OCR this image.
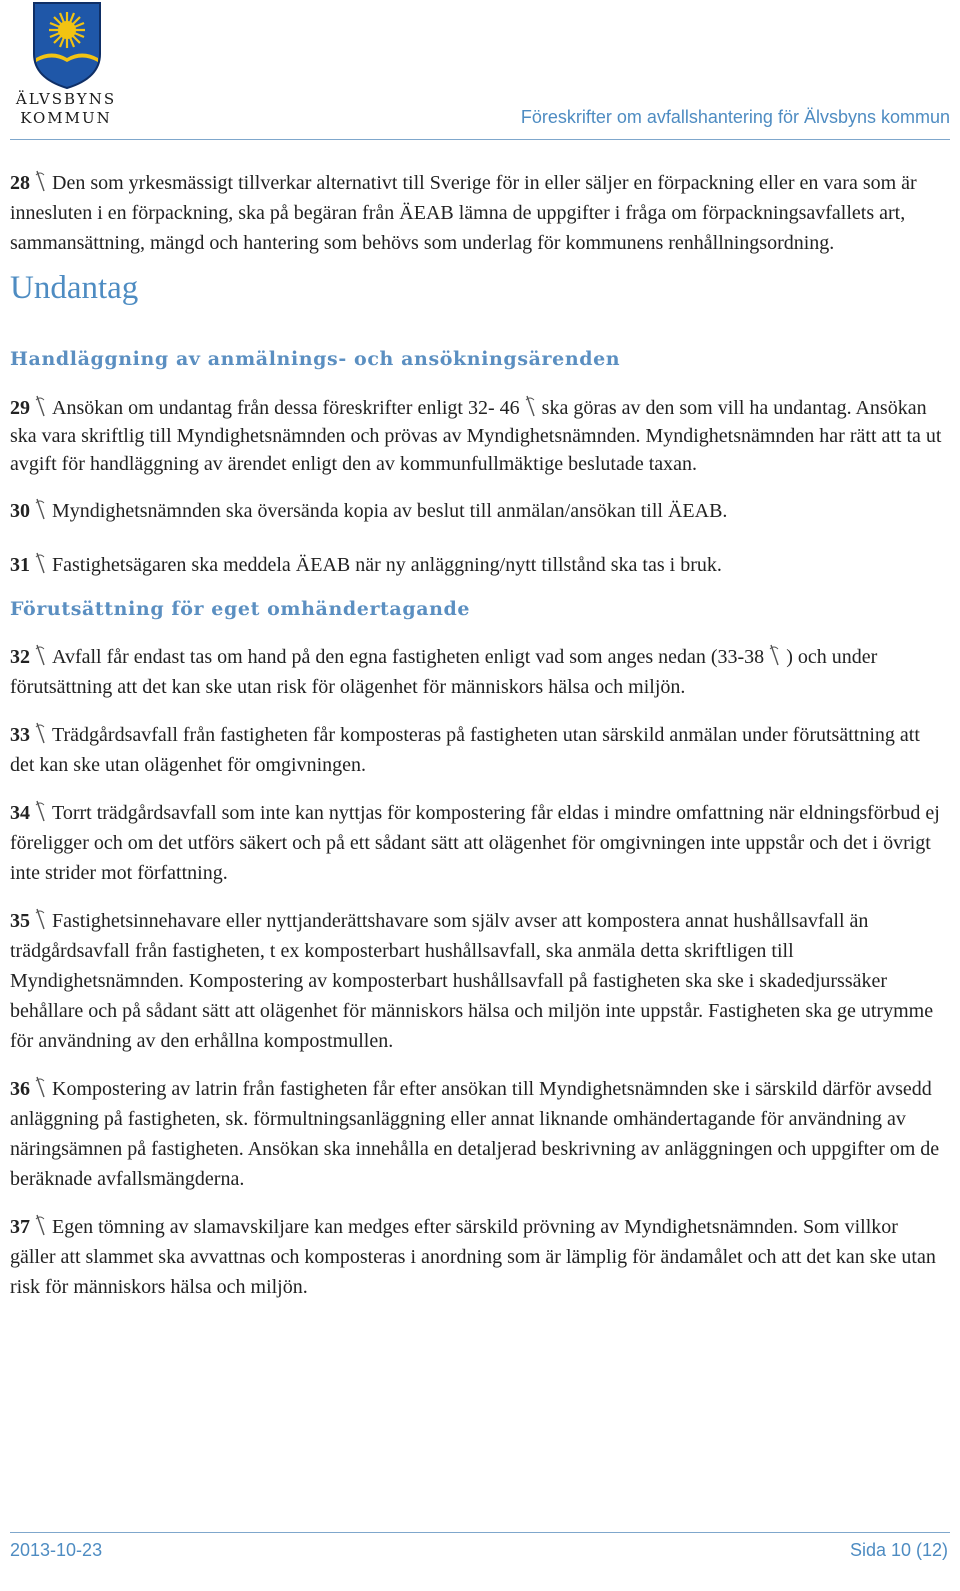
ÄLVSBYNS
KOMMUN	Föreskrifter om avfallshantering för Älvsbyns kommun

28 Den som yrkesmässigt tillverkar alternativt till Sverige för in eller säljer en förpackning eller en vara som är innesluten i en förpackning, ska på begäran från ÄEAB lämna de uppgifter i fråga om förpackningsavfallets art, sammansättning, mängd och hantering som behövs som underlag för kommunens renhållningsordning.

Undantag
Handläggning av anmälnings- och ansökningsärenden

29 Ansökan om undantag från dessa föreskrifter enligt 32- 46 ska göras av den som vill ha undantag. Ansökan ska vara skriftlig till Myndighetsnämnden och prövas av Myndighetsnämnden. Myndighetsnämnden har rätt att ta ut avgift för handläggning av ärendet enligt den av kommunfullmäktige beslutade taxan.

30 Myndighetsnämnden ska översända kopia av beslut till anmälan/ansökan till ÄEAB.

31 Fastighetsägaren ska meddela ÄEAB när ny anläggning/nytt tillstånd ska tas i bruk.

Förutsättning för eget omhändertagande

32 Avfall får endast tas om hand på den egna fastigheten enligt vad som anges nedan (33-38 ) och under förutsättning att det kan ske utan risk för olägenhet för människors hälsa och miljön.

33 Trädgårdsavfall från fastigheten får komposteras på fastigheten utan särskild anmälan under förutsättning att det kan ske utan olägenhet för omgivningen.

34 Torrt trädgårdsavfall som inte kan nyttjas för kompostering får eldas i mindre omfattning när eldningsförbud ej föreligger och om det utförs säkert och på ett sådant sätt att olägenhet för omgivningen inte uppstår och det i övrigt inte strider mot författning.

35 Fastighetsinnehavare eller nyttjanderättshavare som själv avser att kompostera annat hushållsavfall än trädgårdsavfall från fastigheten, t ex komposterbart hushållsavfall, ska anmäla detta skriftligen till Myndighetsnämnden. Kompostering av komposterbart hushållsavfall på fastigheten ska ske i skadedjurssäker behållare och på sådant sätt att olägenhet för människors hälsa och miljön inte uppstår. Fastigheten ska ge utrymme för användning av den erhållna kompostmullen.

36 Kompostering av latrin från fastigheten får efter ansökan till Myndighetsnämnden ske i särskild därför avsedd anläggning på fastigheten, sk. förmultningsanläggning eller annat liknande omhändertagande för användning av näringsämnen på fastigheten. Ansökan ska innehålla en detaljerad beskrivning av anläggningen och uppgifter om de beräknade avfallsmängderna.

37 Egen tömning av slamavskiljare kan medges efter särskild prövning av Myndighetsnämnden. Som villkor gäller att slammet ska avvattnas och komposteras i anordning som är lämplig för ändamålet och att det kan ske utan risk för människors hälsa och miljön.

2013-10-23	Sida 10 (12)
